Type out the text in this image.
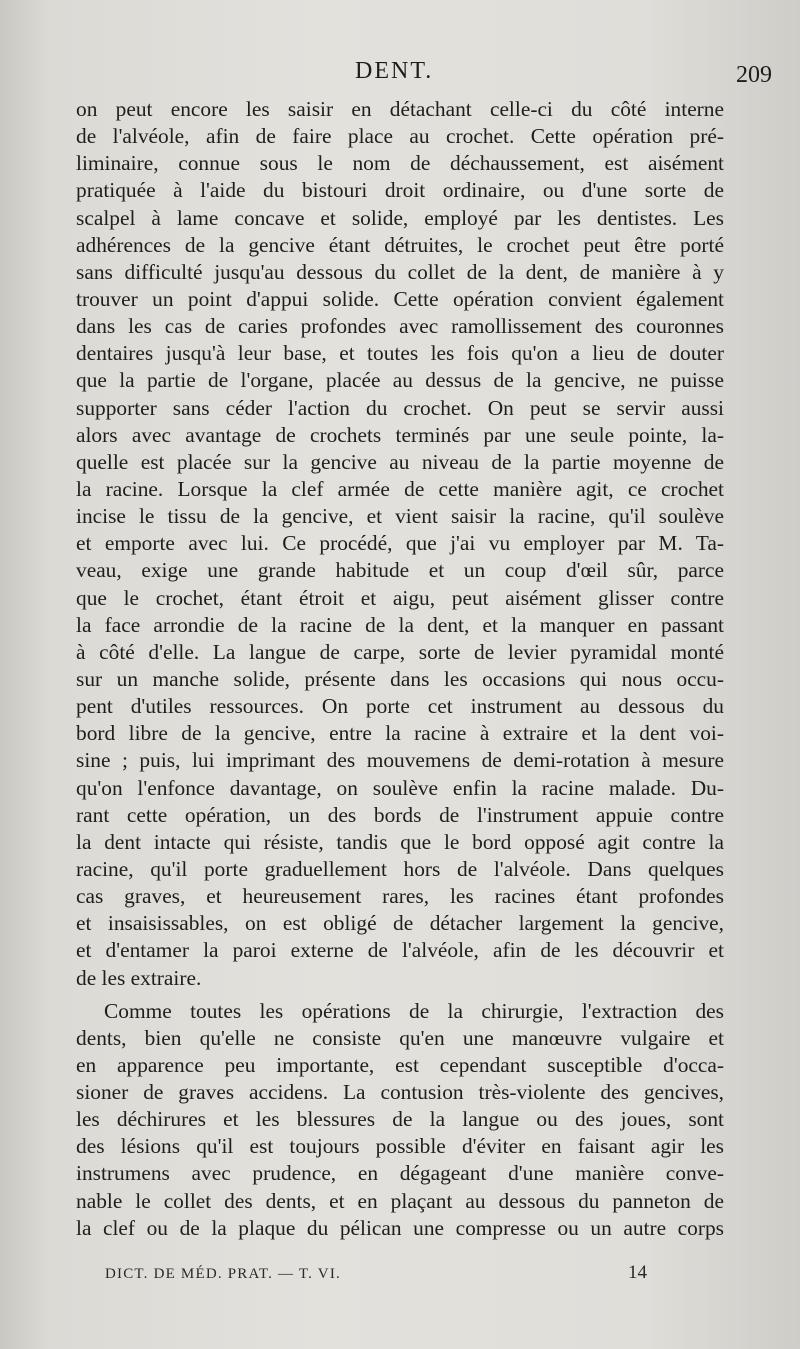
DENT.	209
on peut encore les saisir en détachant celle-ci du côté interne
de l'alvéole, afin de faire place au crochet. Cette opération pré-
liminaire, connue sous le nom de déchaussement, est aisément
pratiquée à l'aide du bistouri droit ordinaire, ou d'une sorte de
scalpel à lame concave et solide, employé par les dentistes. Les
adhérences de la gencive étant détruites, le crochet peut être porté
sans difficulté jusqu'au dessous du collet de la dent, de manière à y
trouver un point d'appui solide. Cette opération convient également
dans les cas de caries profondes avec ramollissement des couronnes
dentaires jusqu'à leur base, et toutes les fois qu'on a lieu de douter
que la partie de l'organe, placée au dessus de la gencive, ne puisse
supporter sans céder l'action du crochet. On peut se servir aussi
alors avec avantage de crochets terminés par une seule pointe, la-
quelle est placée sur la gencive au niveau de la partie moyenne de
la racine. Lorsque la clef armée de cette manière agit, ce crochet
incise le tissu de la gencive, et vient saisir la racine, qu'il soulève
et emporte avec lui. Ce procédé, que j'ai vu employer par M. Ta-
veau, exige une grande habitude et un coup d'œil sûr, parce
que le crochet, étant étroit et aigu, peut aisément glisser contre
la face arrondie de la racine de la dent, et la manquer en passant
à côté d'elle. La langue de carpe, sorte de levier pyramidal monté
sur un manche solide, présente dans les occasions qui nous occu-
pent d'utiles ressources. On porte cet instrument au dessous du
bord libre de la gencive, entre la racine à extraire et la dent voi-
sine ; puis, lui imprimant des mouvemens de demi-rotation à mesure
qu'on l'enfonce davantage, on soulève enfin la racine malade. Du-
rant cette opération, un des bords de l'instrument appuie contre
la dent intacte qui résiste, tandis que le bord opposé agit contre la
racine, qu'il porte graduellement hors de l'alvéole. Dans quelques
cas graves, et heureusement rares, les racines étant profondes
et insaisissables, on est obligé de détacher largement la gencive,
et d'entamer la paroi externe de l'alvéole, afin de les découvrir et
de les extraire.
Comme toutes les opérations de la chirurgie, l'extraction des
dents, bien qu'elle ne consiste qu'en une manœuvre vulgaire et
en apparence peu importante, est cependant susceptible d'occa-
sioner de graves accidens. La contusion très-violente des gencives,
les déchirures et les blessures de la langue ou des joues, sont
des lésions qu'il est toujours possible d'éviter en faisant agir les
instrumens avec prudence, en dégageant d'une manière conve-
nable le collet des dents, et en plaçant au dessous du panneton de
la clef ou de la plaque du pélican une compresse ou un autre corps
DICT. DE MÉD. PRAT. — T. VI.	14
